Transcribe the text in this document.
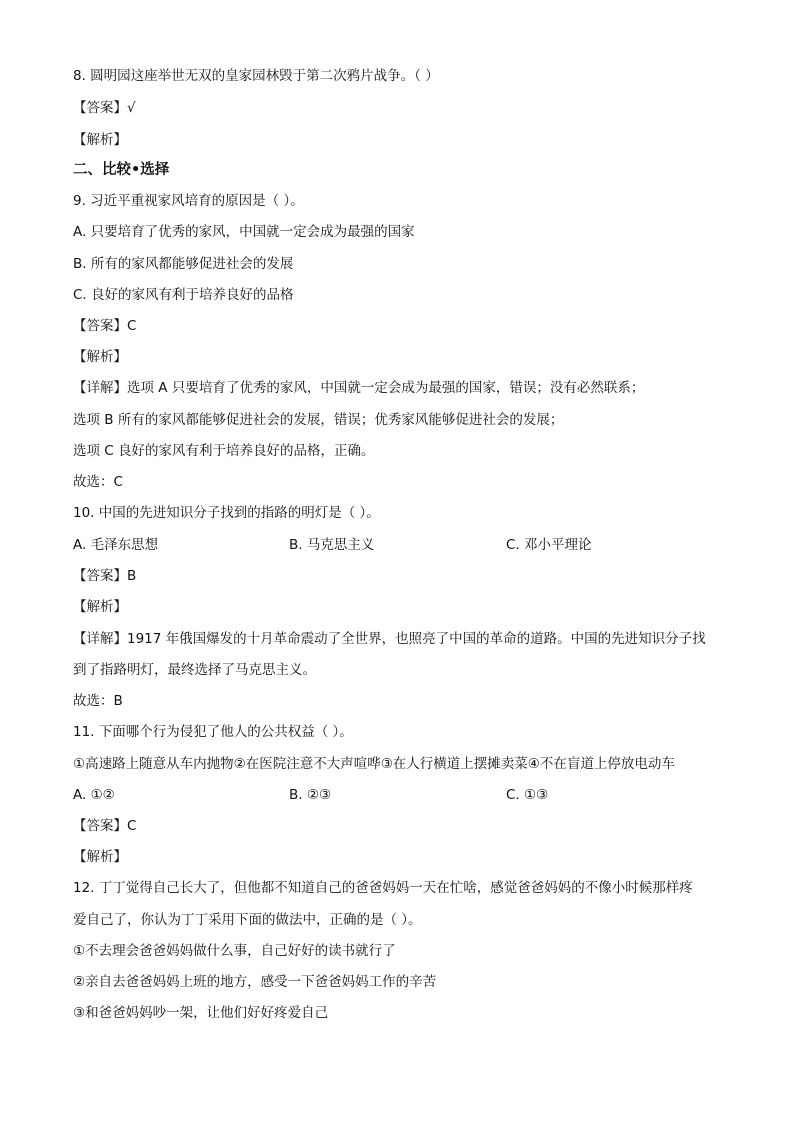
8. 圆明园这座举世无双的皇家园林毁于第二次鸦片战争。（ ）
【答案】√
【解析】
二、比较•选择
9. 习近平重视家风培育的原因是（ ）。
A. 只要培育了优秀的家风，中国就一定会成为最强的国家
B. 所有的家风都能够促进社会的发展
C. 良好的家风有利于培养良好的品格
【答案】C
【解析】
【详解】选项 A 只要培育了优秀的家风，中国就一定会成为最强的国家，错误；没有必然联系；
选项 B 所有的家风都能够促进社会的发展，错误；优秀家风能够促进社会的发展；
选项 C 良好的家风有利于培养良好的品格，正确。
故选：C
10. 中国的先进知识分子找到的指路的明灯是（ ）。
A. 毛泽东思想	B. 马克思主义	C. 邓小平理论
【答案】B
【解析】
【详解】1917 年俄国爆发的十月革命震动了全世界，也照亮了中国的革命的道路。中国的先进知识分子找
到了指路明灯，最终选择了马克思主义。
故选：B
11. 下面哪个行为侵犯了他人的公共权益（ ）。
①高速路上随意从车内抛物②在医院注意不大声喧哗③在人行横道上摆摊卖菜④不在盲道上停放电动车
A. ①②	B. ②③	C. ①③
【答案】C
【解析】
12. 丁丁觉得自己长大了，但他都不知道自己的爸爸妈妈一天在忙啥，感觉爸爸妈妈的不像小时候那样疼
爱自己了，你认为丁丁采用下面的做法中，正确的是（ ）。
①不去理会爸爸妈妈做什么事，自己好好的读书就行了
②亲自去爸爸妈妈上班的地方，感受一下爸爸妈妈工作的辛苦
③和爸爸妈妈吵一架，让他们好好疼爱自己
